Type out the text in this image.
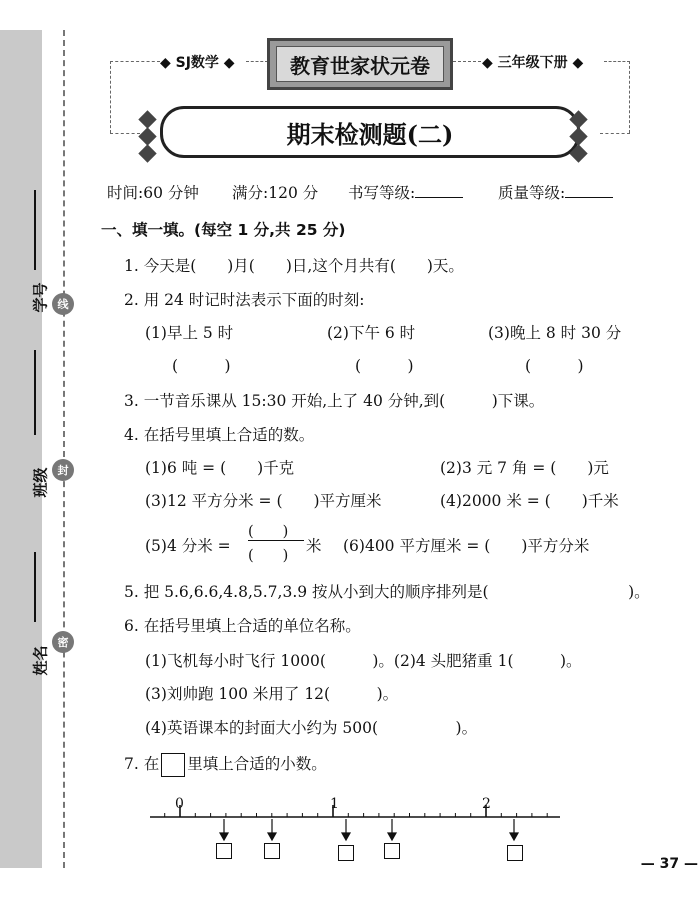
学号
班级
姓名
线
封
密
◆ SJ数学 ◆	教育世家状元卷	◆ 三年级下册 ◆
期末检测题(二)
时间:60 分钟 满分:120 分 书写等级:	质量等级:
一、填一填。(每空 1 分,共 25 分)
1. 今天是(　　)月(　　)日,这个月共有(　　)天。
2. 用 24 时记时法表示下面的时刻:
(1)早上 5 时	(2)下午 6 时	(3)晚上 8 时 30 分
(　　　)	(　　　)	(　　　)
3. 一节音乐课从 15:30 开始,上了 40 分钟,到(　　　)下课。
4. 在括号里填上合适的数。
(1)6 吨 = (　　)千克	(2)3 元 7 角 = (　　)元
(3)12 平方分米 = (　　)平方厘米	(4)2000 米 = (　　)千米
(5)4 分米 =
(　　)
(　　)
米 (6)400 平方厘米 = (　　)平方分米
5. 把 5.6,6.6,4.8,5.7,3.9 按从小到大的顺序排列是(　　　　　　　　　)。
6. 在括号里填上合适的单位名称。
(1)飞机每小时飞行 1000(　　　)。(2)4 头肥猪重 1(　　　)。
(3)刘帅跑 100 米用了 12(　　　)。
(4)英语课本的封面大小约为 500(　　　　　)。
7. 在 里填上合适的小数。
0	1	2
— 37 —
